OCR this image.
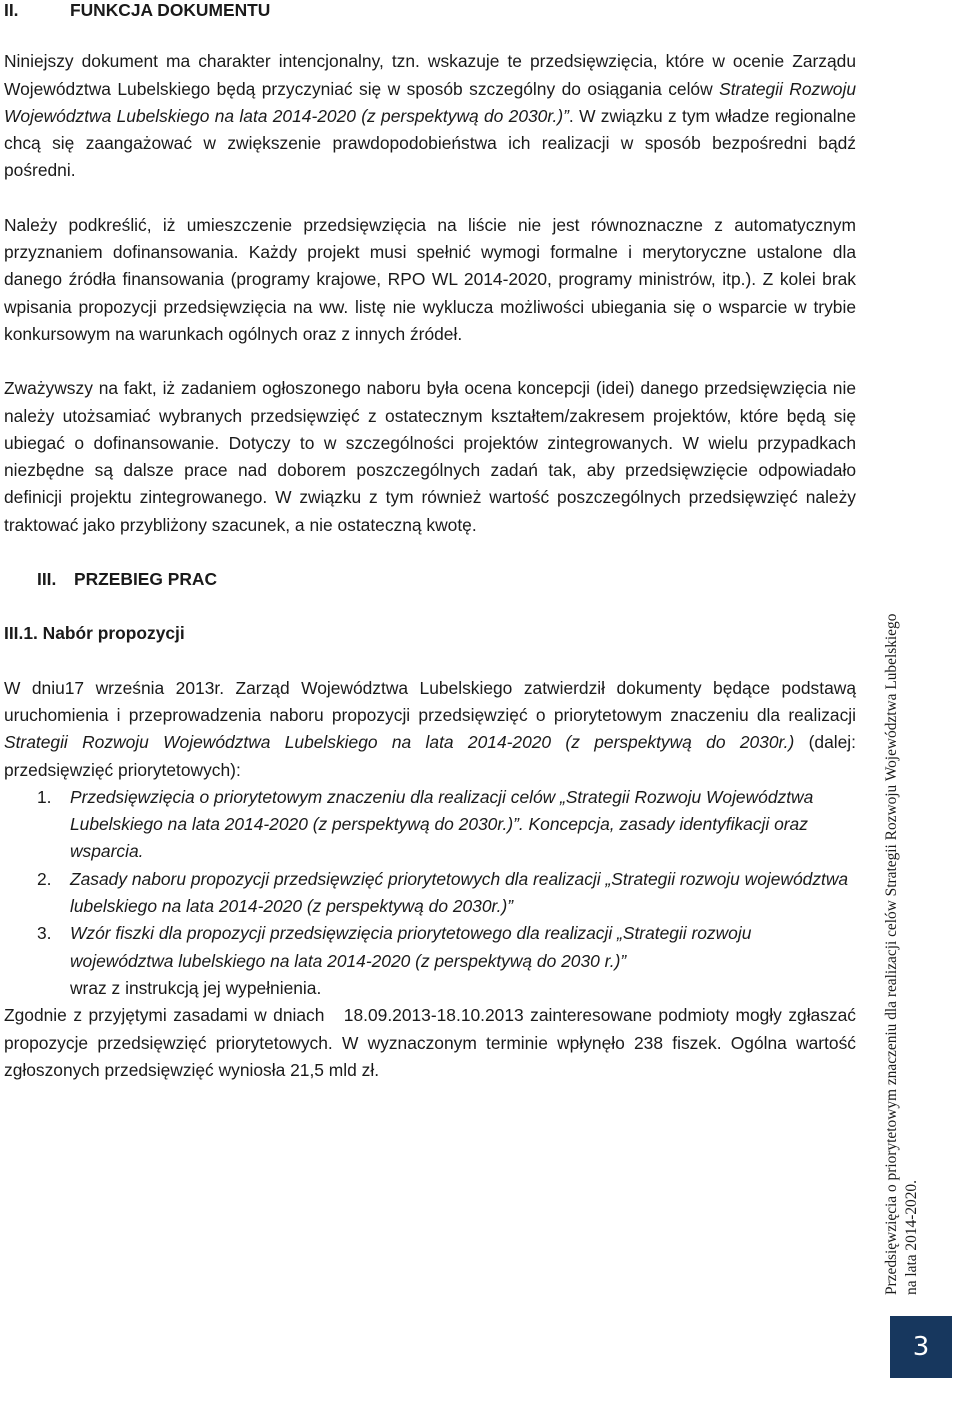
II.	FUNKCJA DOKUMENTU

Niniejszy dokument ma charakter intencjonalny, tzn. wskazuje te przedsięwzięcia, które w ocenie Zarządu Województwa Lubelskiego będą przyczyniać się w sposób szczególny do osiągania celów Strategii Rozwoju Województwa Lubelskiego na lata 2014-2020 (z perspektywą do 2030r.)”. W związku z tym władze regionalne chcą się zaangażować w zwiększenie prawdopodobieństwa ich realizacji w sposób bezpośredni bądź pośredni.

Należy podkreślić, iż umieszczenie przedsięwzięcia na liście nie jest równoznaczne z automatycznym przyznaniem dofinansowania. Każdy projekt musi spełnić wymogi formalne i merytoryczne ustalone dla danego źródła finansowania (programy krajowe, RPO WL 2014-2020, programy ministrów, itp.). Z kolei brak wpisania propozycji przedsięwzięcia na ww. listę nie wyklucza możliwości ubiegania się o wsparcie w trybie konkursowym na warunkach ogólnych oraz z innych źródeł.

Zważywszy na fakt, iż zadaniem ogłoszonego naboru była ocena koncepcji (idei) danego przedsięwzięcia nie należy utożsamiać wybranych przedsięwzięć z ostatecznym kształtem/zakresem projektów, które będą się ubiegać o dofinansowanie. Dotyczy to w szczególności projektów zintegrowanych. W wielu przypadkach niezbędne są dalsze prace nad doborem poszczególnych zadań tak, aby przedsięwzięcie odpowiadało definicji projektu zintegrowanego. W związku z tym również wartość poszczególnych przedsięwzięć należy traktować jako przybliżony szacunek, a nie ostateczną kwotę.

III. PRZEBIEG PRAC

III.1. Nabór propozycji

W dniu17 września 2013r. Zarząd Województwa Lubelskiego zatwierdził dokumenty będące podstawą uruchomienia i przeprowadzenia naboru propozycji przedsięwzięć o priorytetowym znaczeniu dla realizacji Strategii Rozwoju Województwa Lubelskiego na lata 2014-2020 (z perspektywą do 2030r.) (dalej: przedsięwzięć priorytetowych):

1. Przedsięwzięcia o priorytetowym znaczeniu dla realizacji celów „Strategii Rozwoju Województwa Lubelskiego na lata 2014-2020 (z perspektywą do 2030r.)”. Koncepcja, zasady identyfikacji oraz wsparcia.
2. Zasady naboru propozycji przedsięwzięć priorytetowych dla realizacji „Strategii rozwoju województwa lubelskiego na lata 2014-2020 (z perspektywą do 2030r.)”
3. Wzór fiszki dla propozycji przedsięwzięcia priorytetowego dla realizacji „Strategii rozwoju województwa lubelskiego na lata 2014-2020 (z perspektywą do 2030 r.)”
wraz z instrukcją jej wypełnienia.

Zgodnie z przyjętymi zasadami w dniach   18.09.2013-18.10.2013 zainteresowane podmioty mogły zgłaszać propozycje przedsięwzięć priorytetowych. W wyznaczonym terminie wpłynęło 238 fiszek. Ogólna wartość zgłoszonych przedsięwzięć wyniosła 21,5 mld zł.	Przedsięwzięcia o priorytetowym znaczeniu dla realizacji celów Strategii Rozwoju Województwa Lubelskiego na lata 2014-2020.
3
